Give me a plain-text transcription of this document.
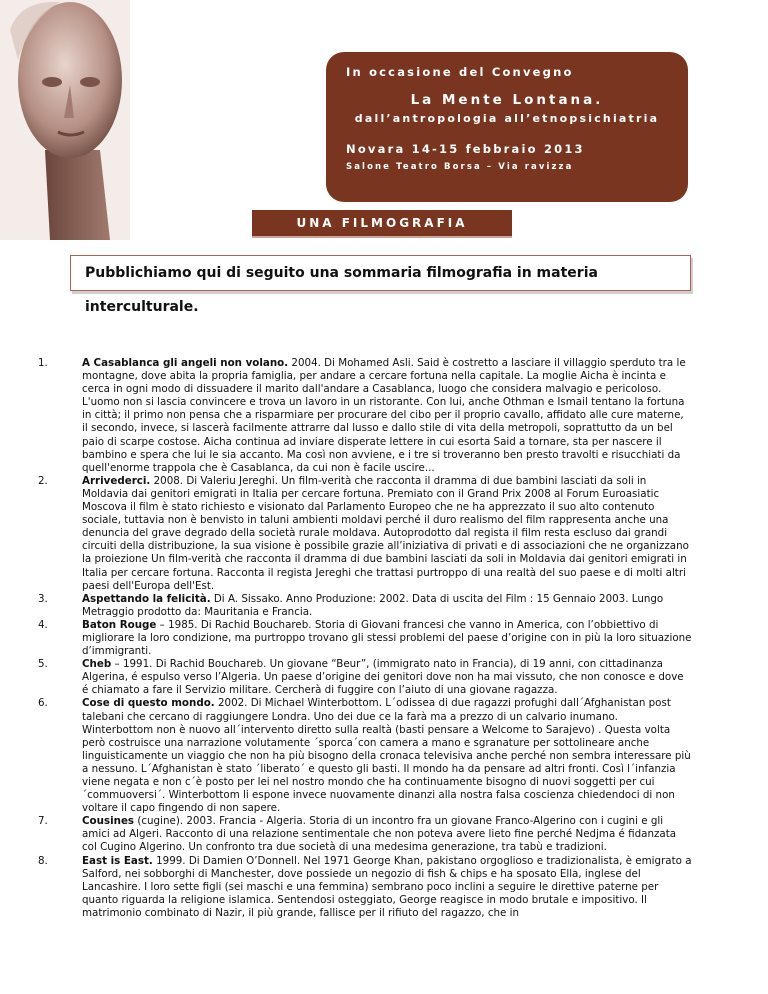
In occasione del Convegno
La Mente Lontana.
dall’antropologia all’etnopsichiatria
Novara 14-15 febbraio 2013
Salone Teatro Borsa – Via ravizza
UNA FILMOGRAFIA
Pubblichiamo qui di seguito una sommaria filmografia in materia interculturale.
1.	A Casablanca gli angeli non volano. 2004. Di Mohamed Asli. Said è costretto a lasciare il villaggio sperduto tra le montagne, dove abita la propria famiglia, per andare a cercare fortuna nella capitale. La moglie Aicha è incinta e cerca in ogni modo di dissuadere il marito dall'andare a Casablanca, luogo che considera malvagio e pericoloso. L'uomo non si lascia convincere e trova un lavoro in un ristorante. Con lui, anche Othman e Ismail tentano la fortuna in città; il primo non pensa che a risparmiare per procurare del cibo per il proprio cavallo, affidato alle cure materne, il secondo, invece, si lascerà facilmente attrarre dal lusso e dallo stile di vita della metropoli, soprattutto da un bel paio di scarpe costose. Aicha continua ad inviare disperate lettere in cui esorta Said a tornare, sta per nascere il bambino e spera che lui le sia accanto. Ma così non avviene, e i tre si troveranno ben presto travolti e risucchiati da quell'enorme trappola che è Casablanca, da cui non è facile uscire...
2.	Arrivederci. 2008. Di Valeriu Jereghi. Un film-verità che racconta il dramma di due bambini lasciati da soli in Moldavia dai genitori emigrati in Italia per cercare fortuna. Premiato con il Grand Prix 2008 al Forum Euroasiatic Moscova il film è stato richiesto e visionato dal Parlamento Europeo che ne ha apprezzato il suo alto contenuto sociale, tuttavia non è benvisto in taluni ambienti moldavi perché il duro realismo del film rappresenta anche una denuncia del grave degrado della società rurale moldava. Autoprodotto dal regista il film resta escluso dai grandi circuiti della distribuzione, la sua visione è possibile grazie all’iniziativa di privati e di associazioni che ne organizzano la proiezione Un film-verità che racconta il dramma di due bambini lasciati da soli in Moldavia dai genitori emigrati in Italia per cercare fortuna. Racconta il regista Jereghi che trattasi purtroppo di una realtà del suo paese e di molti altri paesi dell'Europa dell'Est.
3.	Aspettando la felicità. Di A. Sissako. Anno Produzione: 2002. Data di uscita del Film : 15 Gennaio 2003. Lungo Metraggio prodotto da: Mauritania e Francia.
4.	Baton Rouge – 1985. Di Rachid Bouchareb. Storia di Giovani francesi che vanno in America, con l’obbiettivo di migliorare la loro condizione, ma purtroppo trovano gli stessi problemi del paese d’origine con in più la loro situazione d’immigranti.
5.	Cheb – 1991. Di Rachid Bouchareb. Un giovane “Beur”, (immigrato nato in Francia), di 19 anni, con cittadinanza Algerina, é espulso verso l’Algeria. Un paese d’origine dei genitori dove non ha mai vissuto, che non conosce e dove é chiamato a fare il Servizio militare. Cercherà di fuggire con l’aiuto di una giovane ragazza.
6.	Cose di questo mondo. 2002. Di Michael Winterbottom. L´odissea di due ragazzi profughi dall´Afghanistan post talebani che cercano di raggiungere Londra. Uno dei due ce la farà ma a prezzo di un calvario inumano. Winterbottom non è nuovo all´intervento diretto sulla realtà (basti pensare a Welcome to Sarajevo) . Questa volta però costruisce una narrazione volutamente ´sporca´con camera a mano e sgranature per sottolineare anche linguisticamente un viaggio che non ha più bisogno della cronaca televisiva anche perché non sembra interessare più a nessuno. L´Afghanistan è stato ´liberato´ e questo gli basti. Il mondo ha da pensare ad altri fronti. Così l´infanzia viene negata e non c´è posto per lei nel nostro mondo che ha continuamente bisogno di nuovi soggetti per cui ´commuoversi´. Winterbottom li espone invece nuovamente dinanzi alla nostra falsa coscienza chiedendoci di non voltare il capo fingendo di non sapere.
7.	Cousines (cugine). 2003. Francia - Algeria. Storia di un incontro fra un giovane Franco-Algerino con i cugini e gli amici ad Algeri. Racconto di una relazione sentimentale che non poteva avere lieto fine perché Nedjma é fidanzata col Cugino Algerino. Un confronto tra due società di una medesima generazione, tra tabù e tradizioni.
8.	East is East. 1999. Di Damien O’Donnell. Nel 1971 George Khan, pakistano orgoglioso e tradizionalista, è emigrato a Salford, nei sobborghi di Manchester, dove possiede un negozio di fish & chips e ha sposato Ella, inglese del Lancashire. I loro sette figli (sei maschi e una femmina) sembrano poco inclini a seguire le direttive paterne per quanto riguarda la religione islamica. Sentendosi osteggiato, George reagisce in modo brutale e impositivo. Il matrimonio combinato di Nazir, il più grande, fallisce per il rifiuto del ragazzo, che in
